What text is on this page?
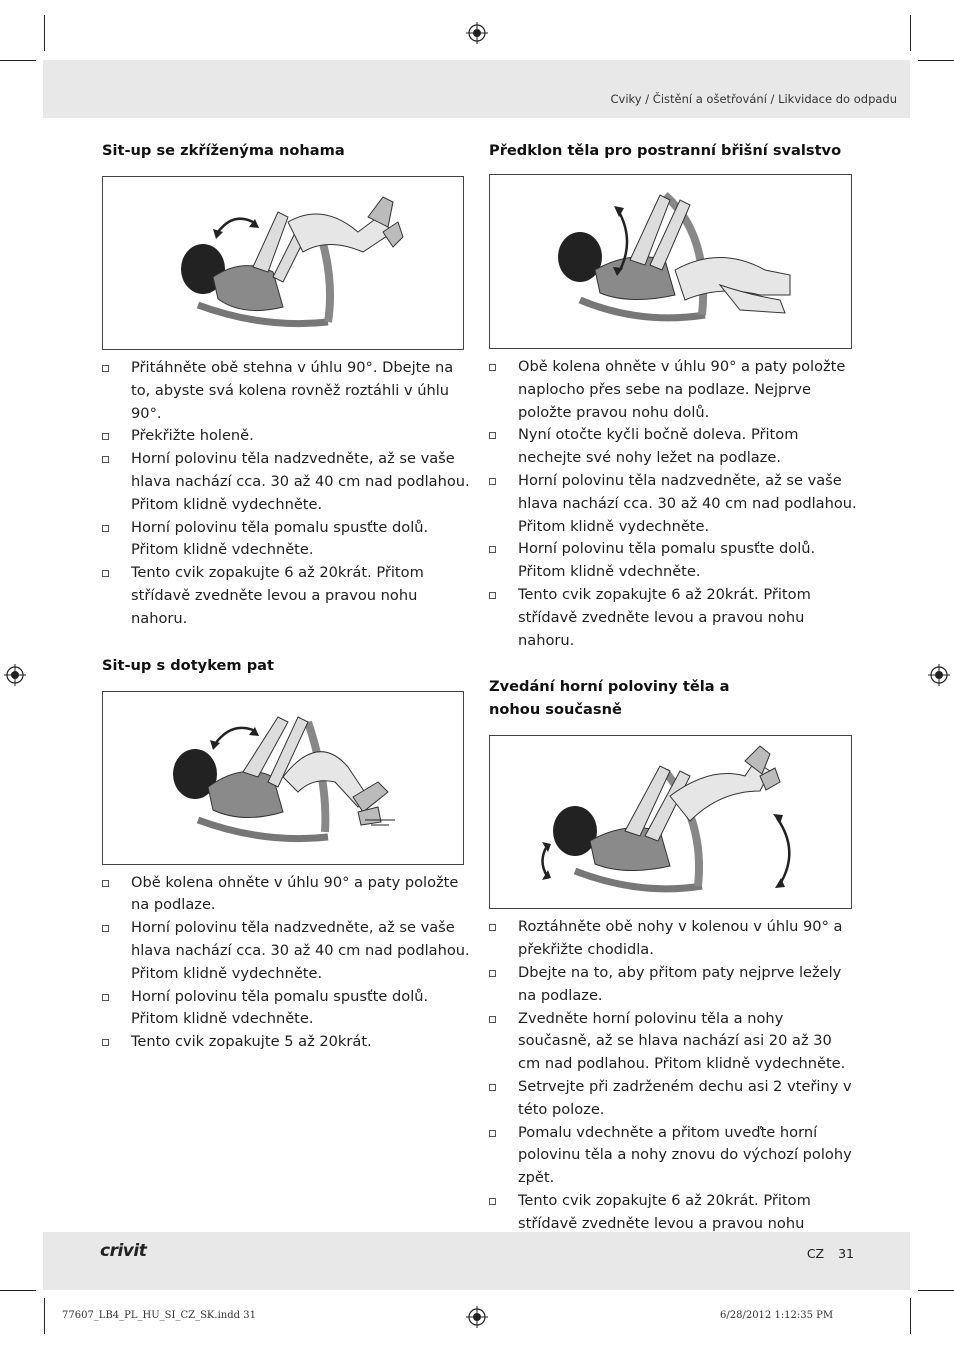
Cviky / Čistění a ošetřování / Likvidace do odpadu
Sit-up se zkříženýma nohama
Přitáhněte obě stehna v úhlu 90°. Dbejte na to, abyste svá kolena rovněž roztáhli v úhlu 90°.
Překřižte holeně.
Horní polovinu těla nadzvedněte, až se vaše hlava nachází cca. 30 až 40 cm nad podlahou. Přitom klidně vydechněte.
Horní polovinu těla pomalu spusťte dolů. Přitom klidně vdechněte.
Tento cvik zopakujte 6 až 20krát. Přitom střídavě zvedněte levou a pravou nohu nahoru.
Sit-up s dotykem pat
Obě kolena ohněte v úhlu 90° a paty položte na podlaze.
Horní polovinu těla nadzvedněte, až se vaše hlava nachází cca. 30 až 40 cm nad podlahou. Přitom klidně vydechněte.
Horní polovinu těla pomalu spusťte dolů. Přitom klidně vdechněte.
Tento cvik zopakujte 5 až 20krát.
Předklon těla pro postranní břišní svalstvo
Obě kolena ohněte v úhlu 90° a paty položte naplocho přes sebe na podlaze. Nejprve položte pravou nohu dolů.
Nyní otočte kyčli bočně doleva. Přitom nechejte své nohy ležet na podlaze.
Horní polovinu těla nadzvedněte, až se vaše hlava nachází cca. 30 až 40 cm nad podlahou. Přitom klidně vydechněte.
Horní polovinu těla pomalu spusťte dolů. Přitom klidně vdechněte.
Tento cvik zopakujte 6 až 20krát. Přitom střídavě zvedněte levou a pravou nohu nahoru.
Zvedání horní poloviny těla a nohou současně
Roztáhněte obě nohy v kolenou v úhlu 90° a překřižte chodidla.
Dbejte na to, aby přitom paty nejprve ležely na podlaze.
Zvedněte horní polovinu těla a nohy současně, až se hlava nachází asi 20 až 30 cm nad podlahou. Přitom klidně vydechněte.
Setrvejte při zadrženém dechu asi 2 vteřiny v této poloze.
Pomalu vdechněte a přitom uveďte horní polovinu těla a nohy znovu do výchozí polohy zpět.
Tento cvik zopakujte 6 až 20krát. Přitom střídavě zvedněte levou a pravou nohu
crivit	CZ 31
77607_LB4_PL_HU_SI_CZ_SK.indd 31	6/28/2012 1:12:35 PM
